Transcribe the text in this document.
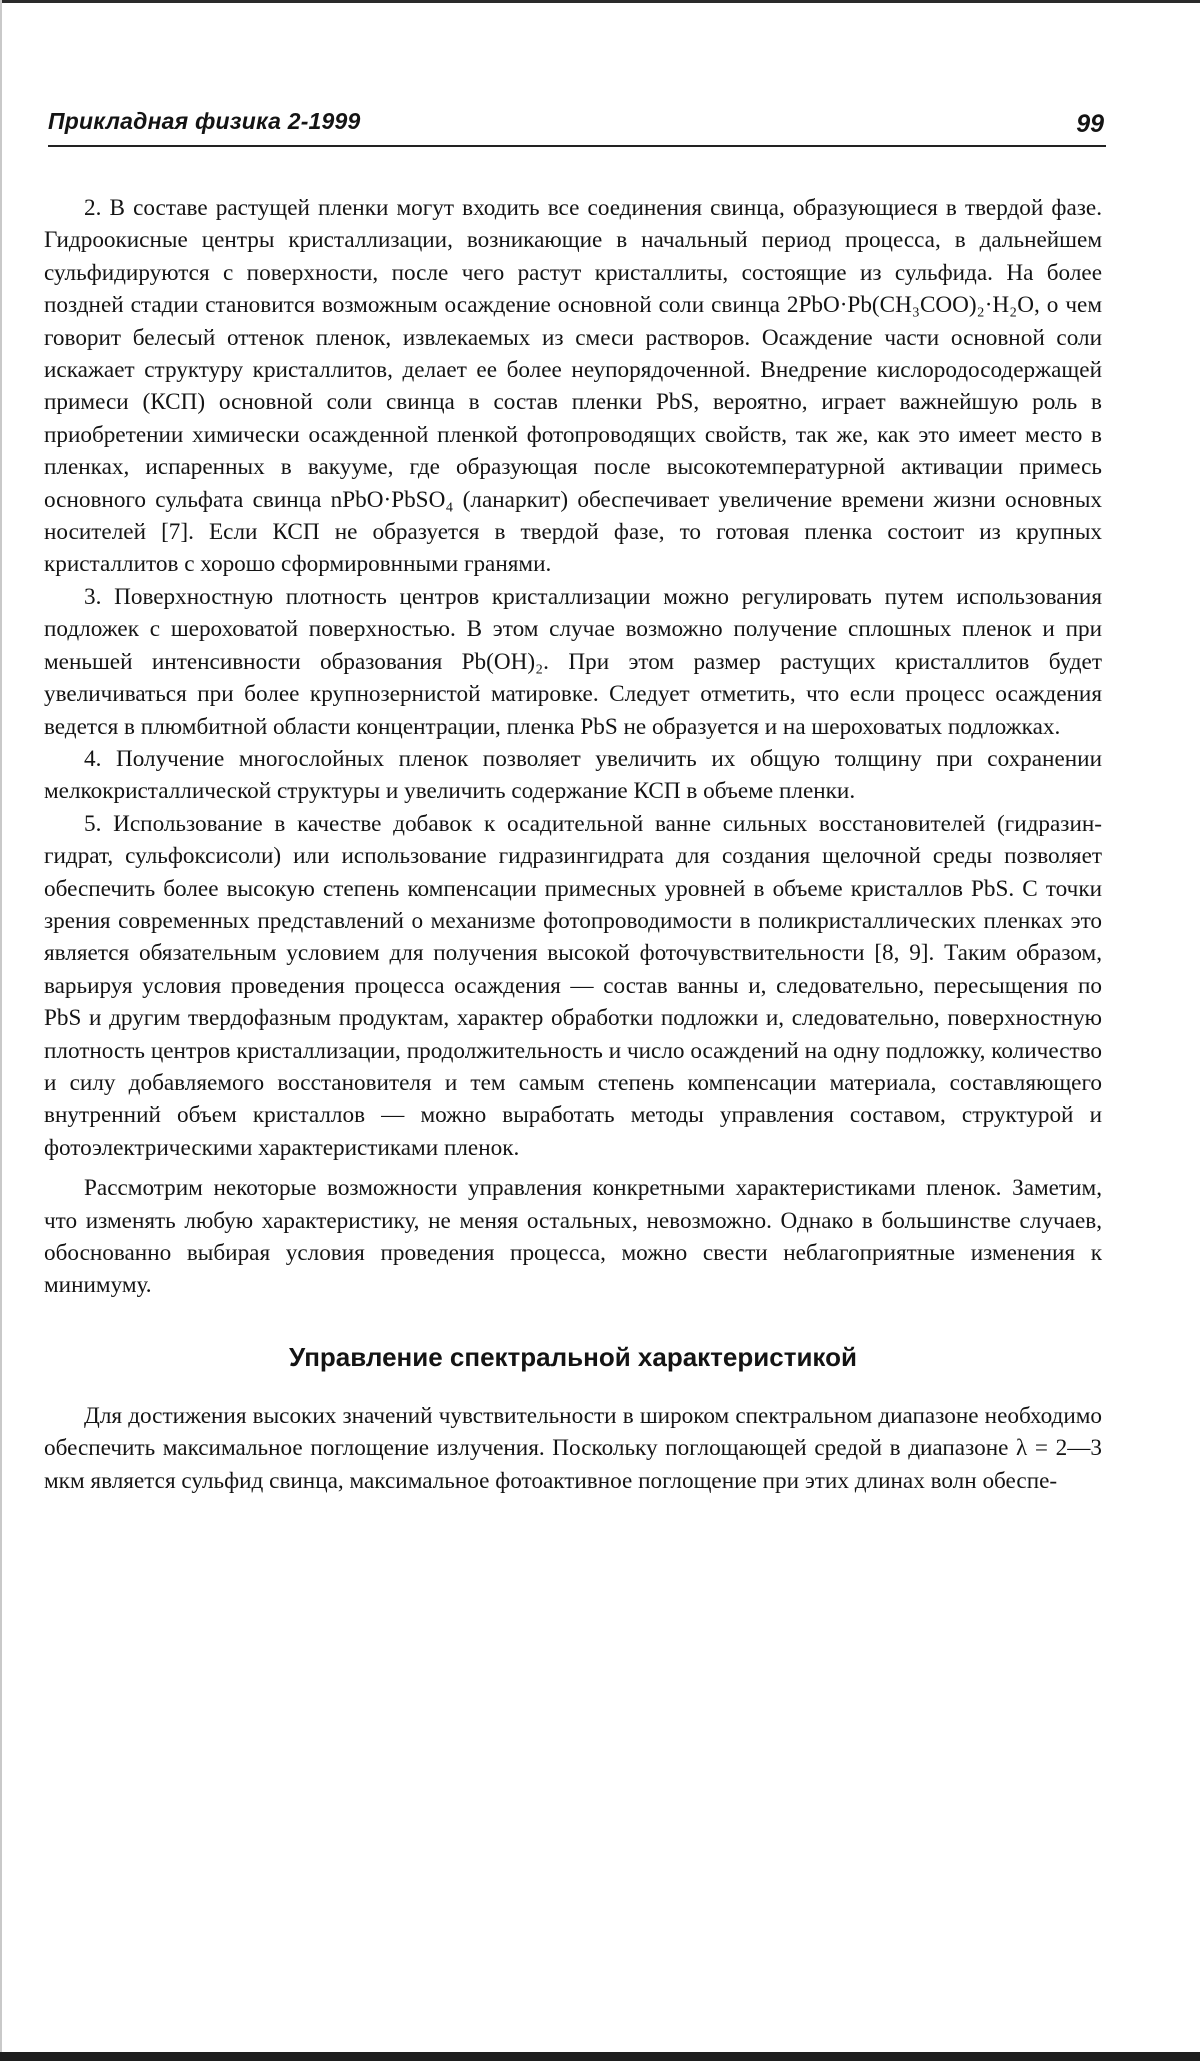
Прикладная физика 2-1999	99

2. В составе растущей пленки могут входить все соединения свинца, образующиеся в твердой фазе. Гидроокисные центры кристаллизации, возникающие в начальный период процесса, в дальнейшем сульфидируются с поверхности, после чего растут кристаллиты, состоящие из сульфида. На более поздней стадии становится возможным осаждение основной соли свинца 2PbO·Pb(CH₃COO)₂·H₂O, о чем говорит белесый оттенок пленок, извлекаемых из смеси растворов. Осаждение части основной соли искажает структуру кристаллитов, делает ее более неупорядоченной. Внедрение кислородосодержащей примеси (КСП) основной соли свинца в состав пленки PbS, вероятно, играет важнейшую роль в приобретении химически осажденной пленкой фотопроводящих свойств, так же, как это имеет место в пленках, испаренных в вакууме, где образующая после высокотемпературной активации примесь основного сульфата свинца nPbO·PbSO₄ (ланаркит) обеспечивает увеличение времени жизни основных носителей [7]. Если КСП не образуется в твердой фазе, то готовая пленка состоит из крупных кристаллитов с хорошо сформировнными гранями.

3. Поверхностную плотность центров кристаллизации можно регулировать путем использования подложек с шероховатой поверхностью. В этом случае возможно получение сплошных пленок и при меньшей интенсивности образования Pb(OH)₂. При этом размер растущих кристаллитов будет увеличиваться при более крупнозернистой матировке. Следует отметить, что если процесс осаждения ведется в плюмбитной области концентрации, пленка PbS не образуется и на шероховатых подложках.

4. Получение многослойных пленок позволяет увеличить их общую толщину при сохранении мелкокристаллической структуры и увеличить содержание КСП в объеме пленки.

5. Использование в качестве добавок к осадительной ванне сильных восстановителей (гидразин-гидрат, сульфоксисоли) или использование гидразингидрата для создания щелочной среды позволяет обеспечить более высокую степень компенсации примесных уровней в объеме кристаллов PbS. С точки зрения современных представлений о механизме фотопроводимости в поликристаллических пленках это является обязательным условием для получения высокой фоточувствительности [8, 9]. Таким образом, варьируя условия проведения процесса осаждения — состав ванны и, следовательно, пересыщения по PbS и другим твердофазным продуктам, характер обработки подложки и, следовательно, поверхностную плотность центров кристаллизации, продолжительность и число осаждений на одну подложку, количество и силу добавляемого восстановителя и тем самым степень компенсации материала, составляющего внутренний объем кристаллов — можно выработать методы управления составом, структурой и фотоэлектрическими характеристиками пленок.

Рассмотрим некоторые возможности управления конкретными характеристиками пленок. Заметим, что изменять любую характеристику, не меняя остальных, невозможно. Однако в большинстве случаев, обоснованно выбирая условия проведения процесса, можно свести неблагоприятные изменения к минимуму.

Управление спектральной характеристикой

Для достижения высоких значений чувствительности в широком спектральном диапазоне необходимо обеспечить максимальное поглощение излучения. Поскольку поглощающей средой в диапазоне λ = 2—3 мкм является сульфид свинца, максимальное фотоактивное поглощение при этих длинах волн обеспе-
